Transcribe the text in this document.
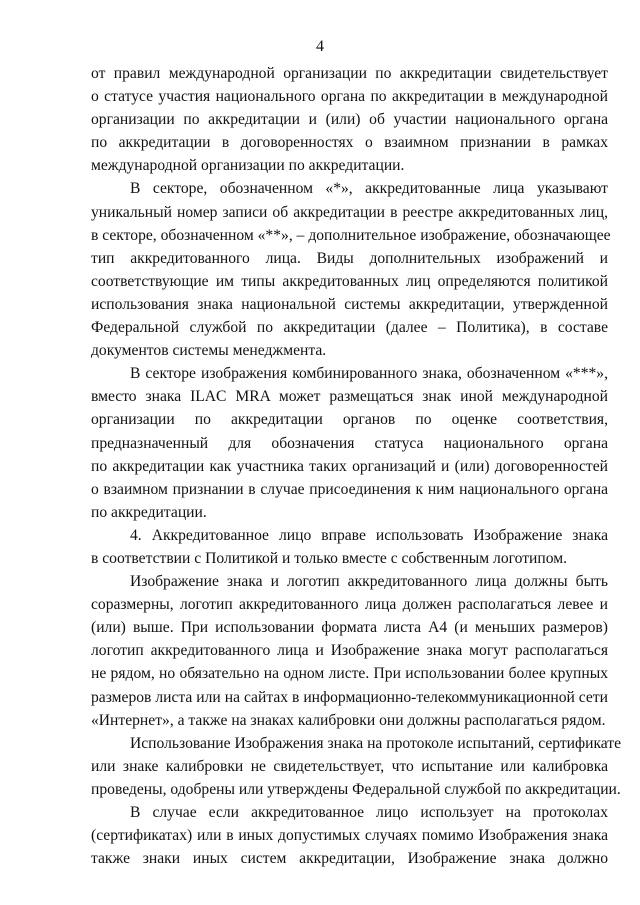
4

от правил международной организации по аккредитации свидетельствует
о статусе участия национального органа по аккредитации в международной
организации по аккредитации и (или) об участии национального органа
по аккредитации в договоренностях о взаимном признании в рамках
международной организации по аккредитации.

В секторе, обозначенном «*», аккредитованные лица указывают
уникальный номер записи об аккредитации в реестре аккредитованных лиц,
в секторе, обозначенном «**», – дополнительное изображение, обозначающее
тип аккредитованного лица. Виды дополнительных изображений и
соответствующие им типы аккредитованных лиц определяются политикой
использования знака национальной системы аккредитации, утвержденной
Федеральной службой по аккредитации (далее – Политика), в составе
документов системы менеджмента.

В секторе изображения комбинированного знака, обозначенном «***»,
вместо знака ILAC MRA может размещаться знак иной международной
организации по аккредитации органов по оценке соответствия,
предназначенный для обозначения статуса национального органа
по аккредитации как участника таких организаций и (или) договоренностей
о взаимном признании в случае присоединения к ним национального органа
по аккредитации.

4. Аккредитованное лицо вправе использовать Изображение знака
в соответствии с Политикой и только вместе с собственным логотипом.

Изображение знака и логотип аккредитованного лица должны быть
соразмерны, логотип аккредитованного лица должен располагаться левее и
(или) выше. При использовании формата листа А4 (и меньших размеров)
логотип аккредитованного лица и Изображение знака могут располагаться
не рядом, но обязательно на одном листе. При использовании более крупных
размеров листа или на сайтах в информационно-телекоммуникационной сети
«Интернет», а также на знаках калибровки они должны располагаться рядом.

Использование Изображения знака на протоколе испытаний, сертификате
или знаке калибровки не свидетельствует, что испытание или калибровка
проведены, одобрены или утверждены Федеральной службой по аккредитации.

В случае если аккредитованное лицо использует на протоколах
(сертификатах) или в иных допустимых случаях помимо Изображения знака
также знаки иных систем аккредитации, Изображение знака должно
